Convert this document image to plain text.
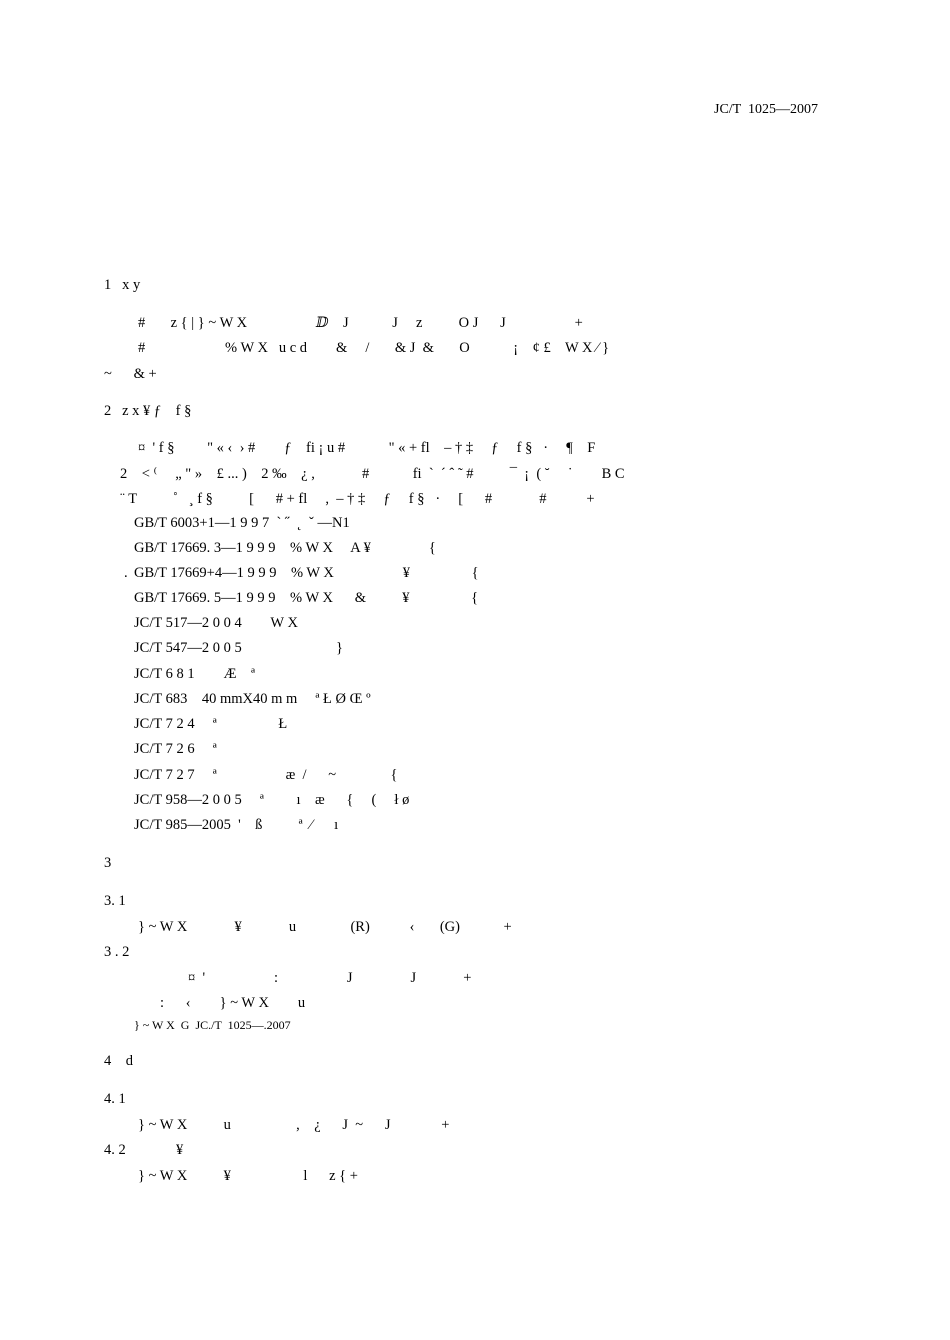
JC/T  1025—2007
1   x y
#       z { | } ~ W X                   ⅅ    J            J     z          O J      J                   +
#                      % W X   u c d        &     /       & J  &       O            ¡    ¢ £    W X ⁄ }
~      & +
2   z x ¥ ƒ    f §
¤  ' f §         " « ‹  › #        ƒ    fi ¡ u #            " « + fl    – † ‡     ƒ     f §   ·     ¶    F
2    < ⁽     „ " »    £ ... )    2 ‰    ¿ ,             #            fi  `  ´ ˆ ˜ #          ¯  ¡  ( ˘     ˙        B C
¨ T          ˚   ¸ f §          [      # + fl     ,  – † ‡     ƒ     f §   ·     [      #             #           +
GB/T 6003+1—1 9 9 7  ˋ ˝  ˛  ˇ —N1
GB/T 17669. 3—1 9 9 9    % W X     A ¥                {
. GB/T 17669+4—1 9 9 9    % W X                   ¥                 {
GB/T 17669. 5—1 9 9 9    % W X      &          ¥                 {
JC/T 517—2 0 0 4        W X
JC/T 547—2 0 0 5                          }
JC/T 6 8 1        Æ    ª
JC/T 683    40 mmX40 m m     ª Ł Ø Œ º
JC/T 7 2 4     ª                 Ł
JC/T 7 2 6     ª
JC/T 7 2 7     ª                   æ  /      ~               {
JC/T 958—2 0 0 5     ª         ı    æ      {     (     ł ø
JC/T 985—2005  '    ß          ª  ⁄      ı
3
3. 1
} ~ W X             ¥             u               (R)           ‹       (G)            +
3 . 2
¤  '                   :                   J                J             +
:      ‹        } ~ W X        u
} ~ W X  G  JC./T  1025—.2007
4    d
4. 1
} ~ W X          u                  ,    ¿      J  ~      J              +
4. 2	¥
} ~ W X          ¥                    l      z { +
